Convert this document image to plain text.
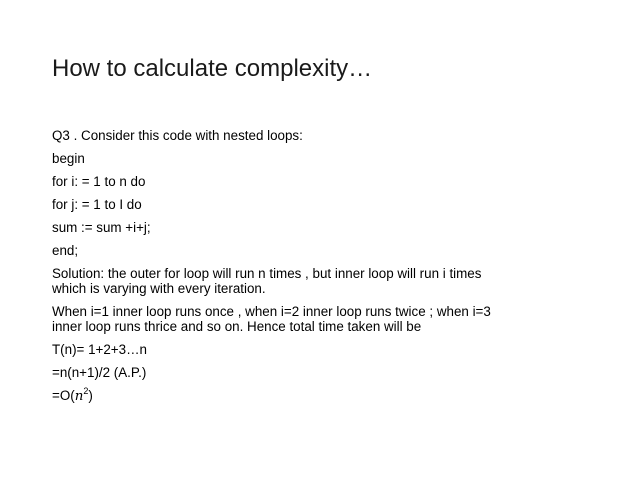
How to calculate complexity…
Q3 . Consider this code with nested loops:
begin
for i: = 1 to n do
for j: = 1 to I do
sum := sum +i+j;
end;
Solution: the outer for loop will run n times , but inner loop will run i times
which is varying with every iteration.
When i=1 inner loop runs once , when i=2 inner loop runs twice ; when i=3
inner loop runs thrice and so on. Hence total time taken will be
T(n)= 1+2+3…n
=n(n+1)/2 (A.P.)
$=O(n^2)$
